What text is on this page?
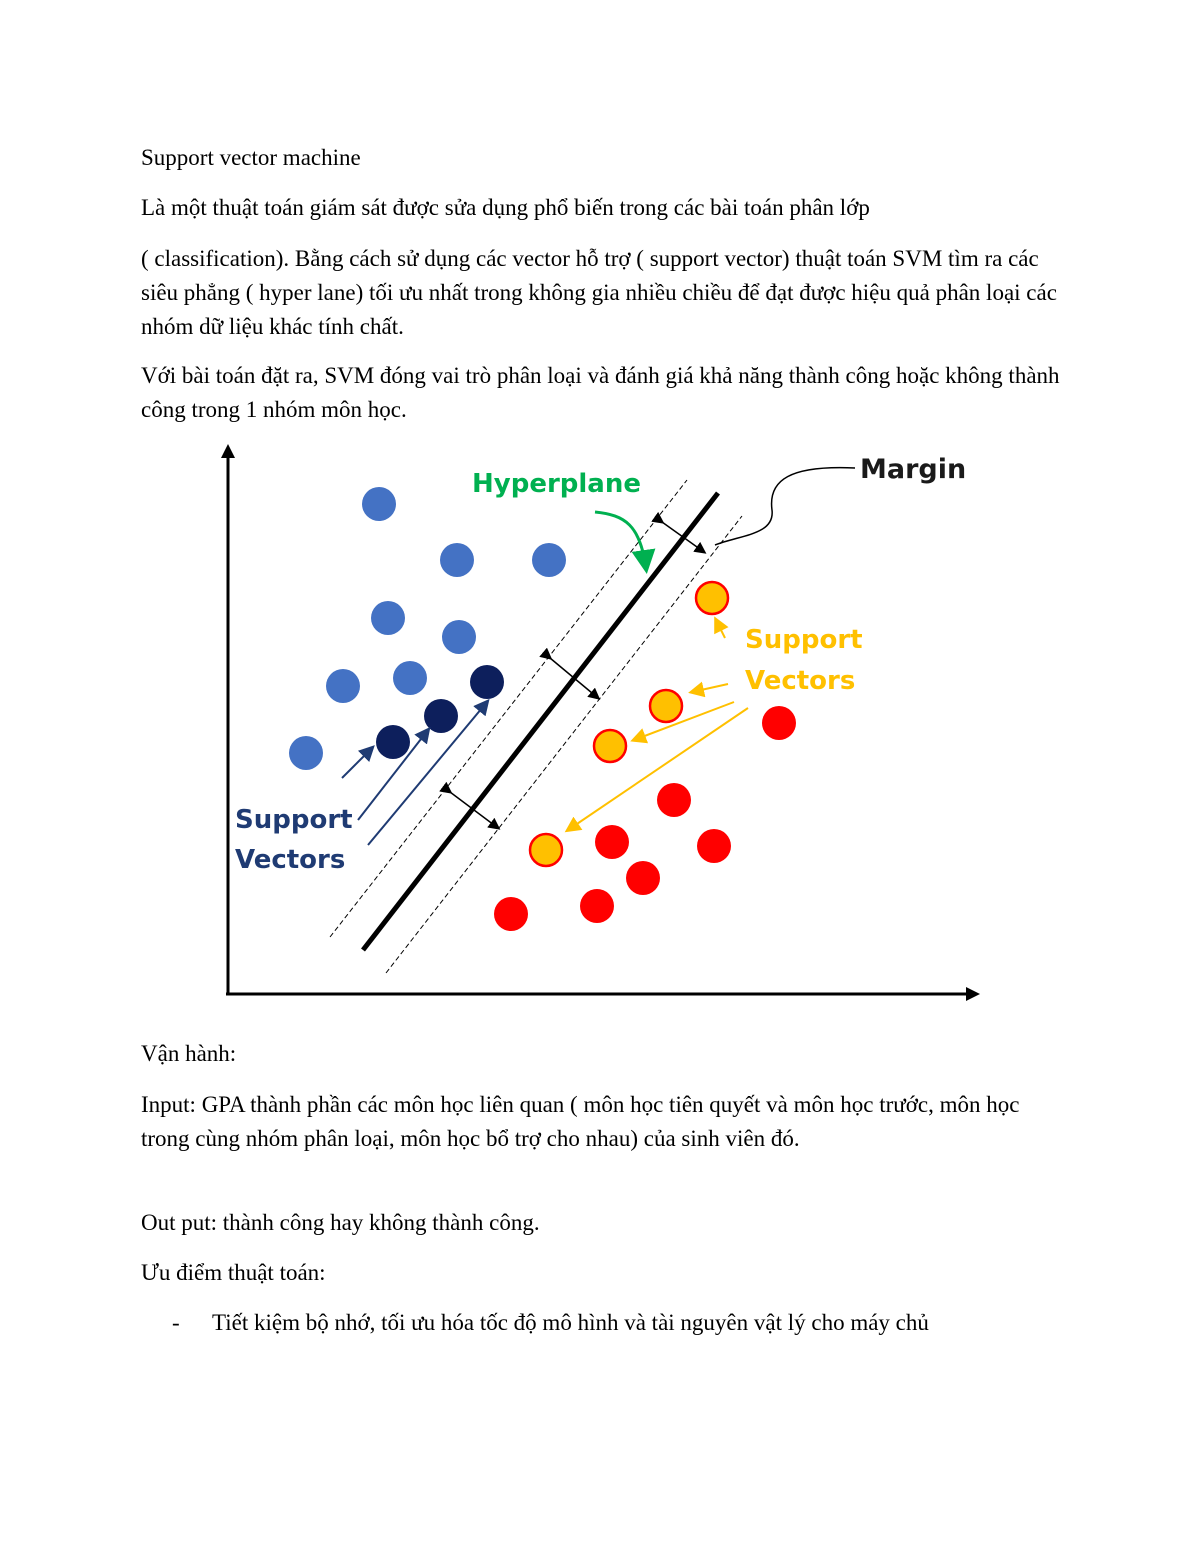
Support vector machine

Là một thuật toán giám sát được sửa dụng phổ biến trong các bài toán phân lớp

( classification). Bằng cách sử dụng các vector hỗ trợ ( support vector) thuật toán SVM tìm ra các siêu phẳng ( hyper lane) tối ưu nhất trong không gia nhiều chiều để đạt được hiệu quả phân loại các nhóm dữ liệu khác tính chất.

Với bài toán đặt ra, SVM đóng vai trò phân loại và đánh giá khả năng thành công hoặc không thành công trong 1 nhóm môn học.

Margin
Hyperplane
Support
Vectors
Support
Vectors

Vận hành:

Input: GPA thành phần các môn học liên quan ( môn học tiên quyết và môn học trước, môn học trong cùng nhóm phân loại, môn học bổ trợ cho nhau) của sinh viên đó.

Out put: thành công hay không thành công.

Ưu điểm thuật toán:

- Tiết kiệm bộ nhớ, tối ưu hóa tốc độ mô hình và tài nguyên vật lý cho máy chủ
